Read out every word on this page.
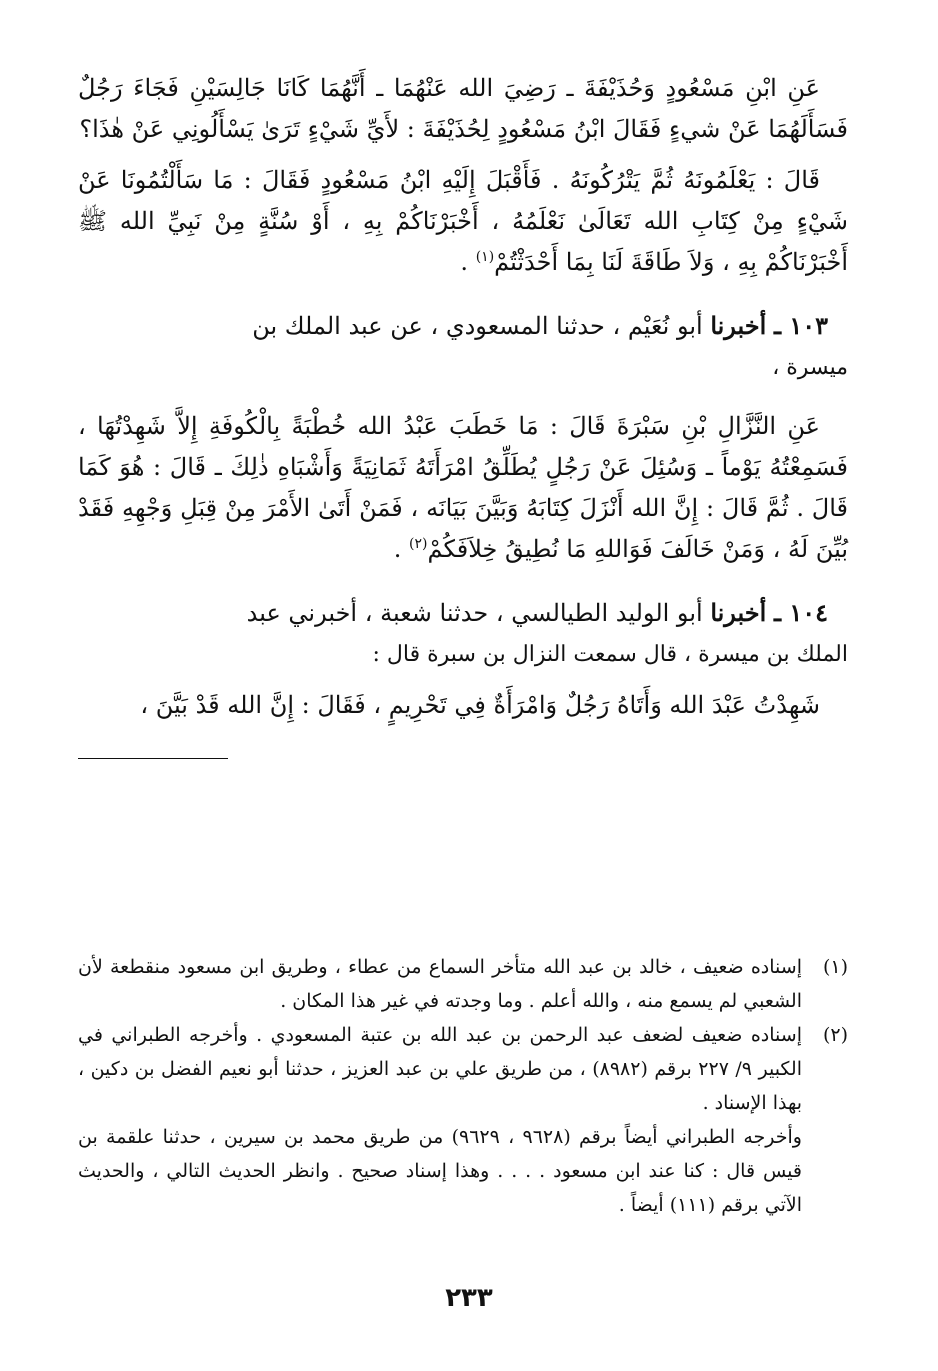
عَنِ ابْنِ مَسْعُودٍ وَحُذَيْفَةَ ـ رَضِيَ الله عَنْهُمَا ـ أَنَّهُمَا كَانَا جَالِسَيْنِ فَجَاءَ رَجُلٌ فَسَأَلَهُمَا عَنْ شيءٍ فَقَالَ ابْنُ مَسْعُودٍ لِحُذَيْفَةَ : لأَيِّ شَيْءٍ تَرَىٰ يَسْأَلُونِي عَنْ هٰذَا؟

قَالَ : يَعْلَمُونَهُ ثُمَّ يَتْرُكُونَهُ . فَأَقْبَلَ إِلَيْهِ ابْنُ مَسْعُودٍ فَقَالَ : مَا سَأَلْتُمُونَا عَنْ شَيْءٍ مِنْ كِتَابِ الله تَعَالَىٰ نَعْلَمُهُ ، أَخْبَرْنَاكُمْ بِهِ ، أَوْ سُنَّةٍ مِنْ نَبِيِّ الله ﷺ أَخْبَرْنَاكُمْ بِهِ ، وَلاَ طَاقَةَ لَنَا بِمَا أَحْدَثْتُمْ$^{(١)}$ .

١٠٣ ـ أخبرنا أبو نُعَيْم ، حدثنا المسعودي ، عن عبد الملك بن

ميسرة ،

عَنِ النَّزَّالِ بْنِ سَبْرَةَ قَالَ : مَا خَطَبَ عَبْدُ الله خُطْبَةً بِالْكُوفَةِ إِلاَّ شَهِدْتُهَا ، فَسَمِعْتُهُ يَوْماً ـ وَسُئِلَ عَنْ رَجُلٍ يُطَلِّقُ امْرَأَتَهُ ثَمَانِيَةً وَأَشْبَاهِ ذٰلِكَ ـ قَالَ : هُوَ كَمَا قَالَ . ثُمَّ قَالَ : إِنَّ الله أَنْزَلَ كِتَابَهُ وَبَيَّنَ بَيَانَه ، فَمَنْ أَتَىٰ الأَمْرَ مِنْ قِبَلِ وَجْهِهِ فَقَدْ بُيِّنَ لَهُ ، وَمَنْ خَالَفَ فَوَاللهِ مَا نُطِيقُ خِلاَفَكُمْ$^{(٢)}$ .

١٠٤ ـ أخبرنا أبو الوليد الطيالسي ، حدثنا شعبة ، أخبرني عبد

الملك بن ميسرة ، قال سمعت النزال بن سبرة قال :

شَهِدْتُ عَبْدَ الله وَأَتَاهُ رَجُلٌ وَامْرَأَةٌ فِي تَحْرِيمٍ ، فَقَالَ : إِنَّ الله قَدْ بَيَّنَ ،

(١)
إسناده ضعيف ، خالد بن عبد الله متأخر السماع من عطاء ، وطريق ابن مسعود منقطعة لأن الشعبي لم يسمع منه ، والله أعلم . وما وجدته في غير هذا المكان .
(٢)
إسناده ضعيف لضعف عبد الرحمن بن عبد الله بن عتبة المسعودي . وأخرجه الطبراني في الكبير ٩/ ٢٢٧ برقم (٨٩٨٢) ، من طريق علي بن عبد العزيز ، حدثنا أبو نعيم الفضل بن دكين ، بهذا الإسناد .
وأخرجه الطبراني أيضاً برقم (٩٦٢٨ ، ٩٦٢٩) من طريق محمد بن سيرين ، حدثنا علقمة بن قيس قال : كنا عند ابن مسعود . . . . وهذا إسناد صحيح . وانظر الحديث التالي ، والحديث الآتي برقم (١١١) أيضاً .
٢٣٣
